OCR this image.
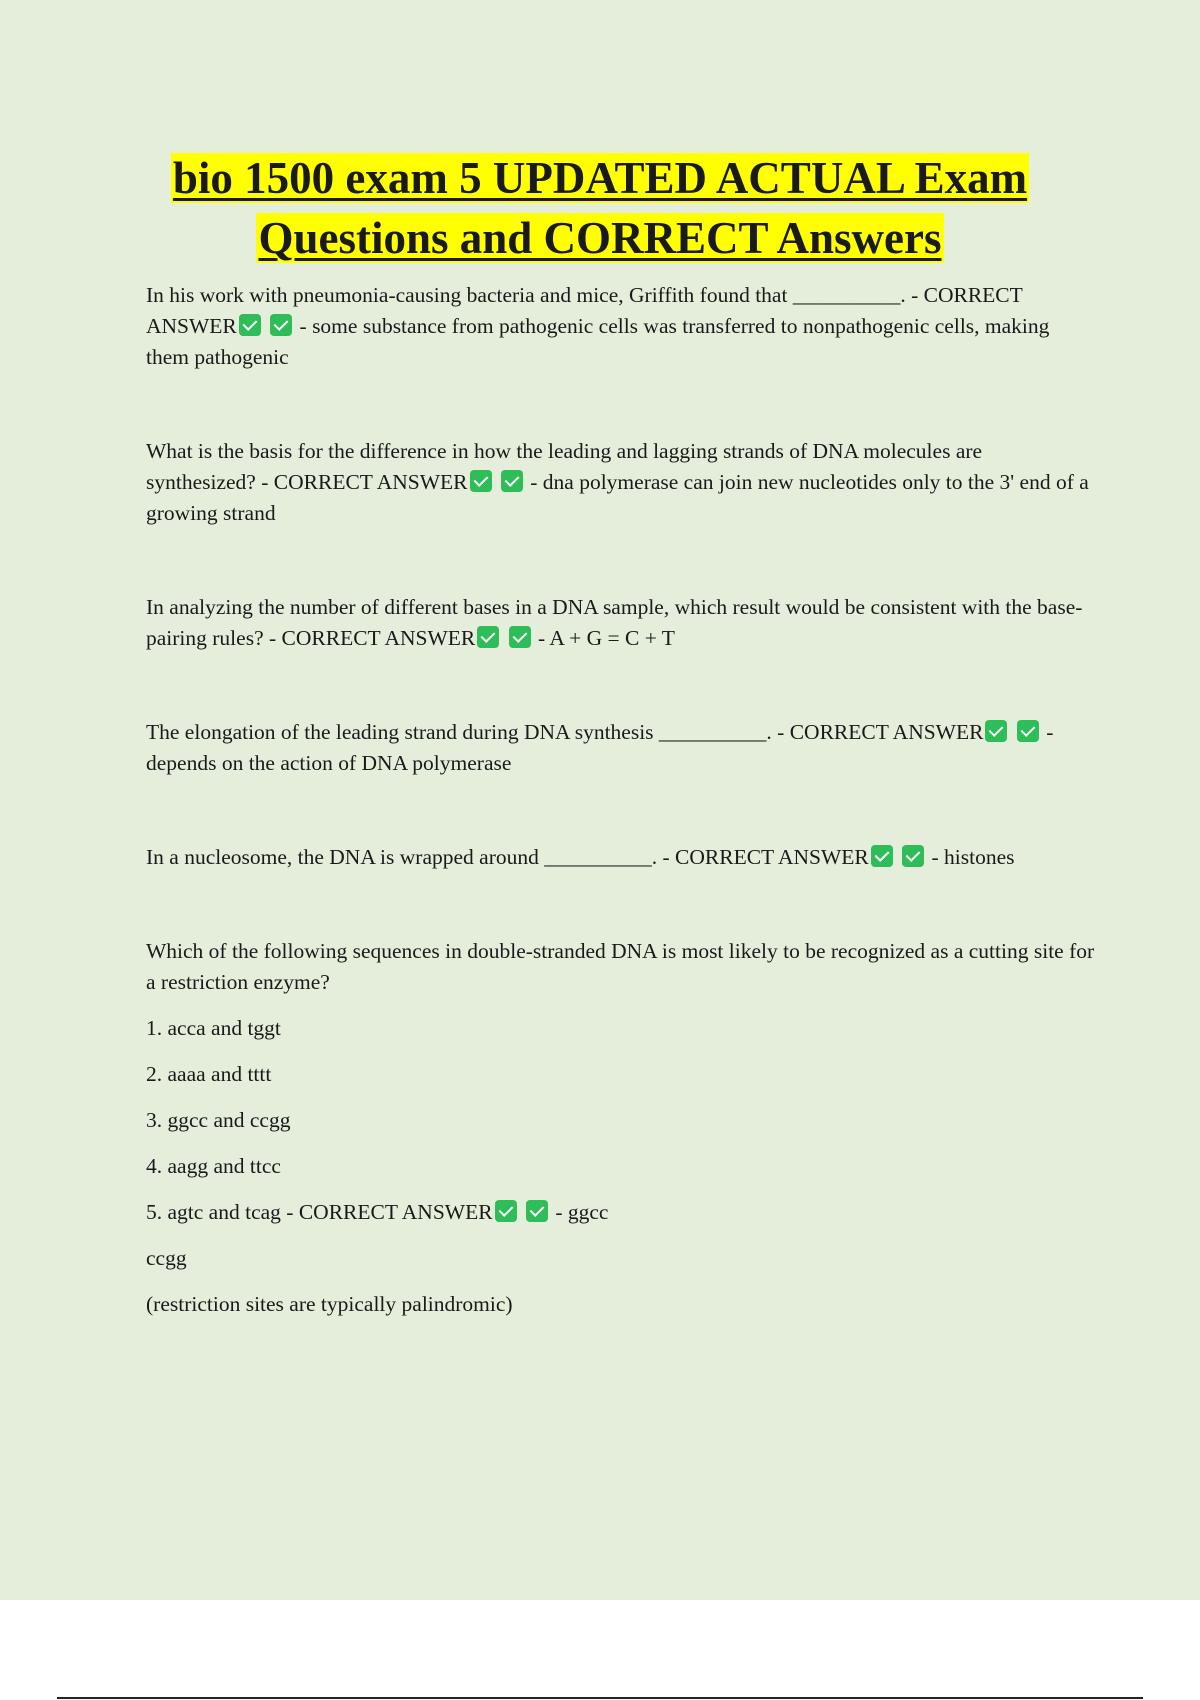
bio 1500 exam 5 UPDATED ACTUAL Exam
Questions and CORRECT Answers

In his work with pneumonia-causing bacteria and mice, Griffith found that __________. - CORRECT ANSWER	- some substance from pathogenic cells was transferred to nonpathogenic cells, making them pathogenic

What is the basis for the difference in how the leading and lagging strands of DNA molecules are synthesized? - CORRECT ANSWER	- dna polymerase can join new nucleotides only to the 3' end of a growing strand

In analyzing the number of different bases in a DNA sample, which result would be consistent with the base-pairing rules? - CORRECT ANSWER	- A + G = C + T

The elongation of the leading strand during DNA synthesis __________. - CORRECT ANSWER	- depends on the action of DNA polymerase

In a nucleosome, the DNA is wrapped around __________. - CORRECT ANSWER	- histones

Which of the following sequences in double-stranded DNA is most likely to be recognized as a cutting site for a restriction enzyme?

1. acca and tggt

2. aaaa and tttt

3. ggcc and ccgg

4. aagg and ttcc

5. agtc and tcag - CORRECT ANSWER	- ggcc

ccgg

(restriction sites are typically palindromic)
